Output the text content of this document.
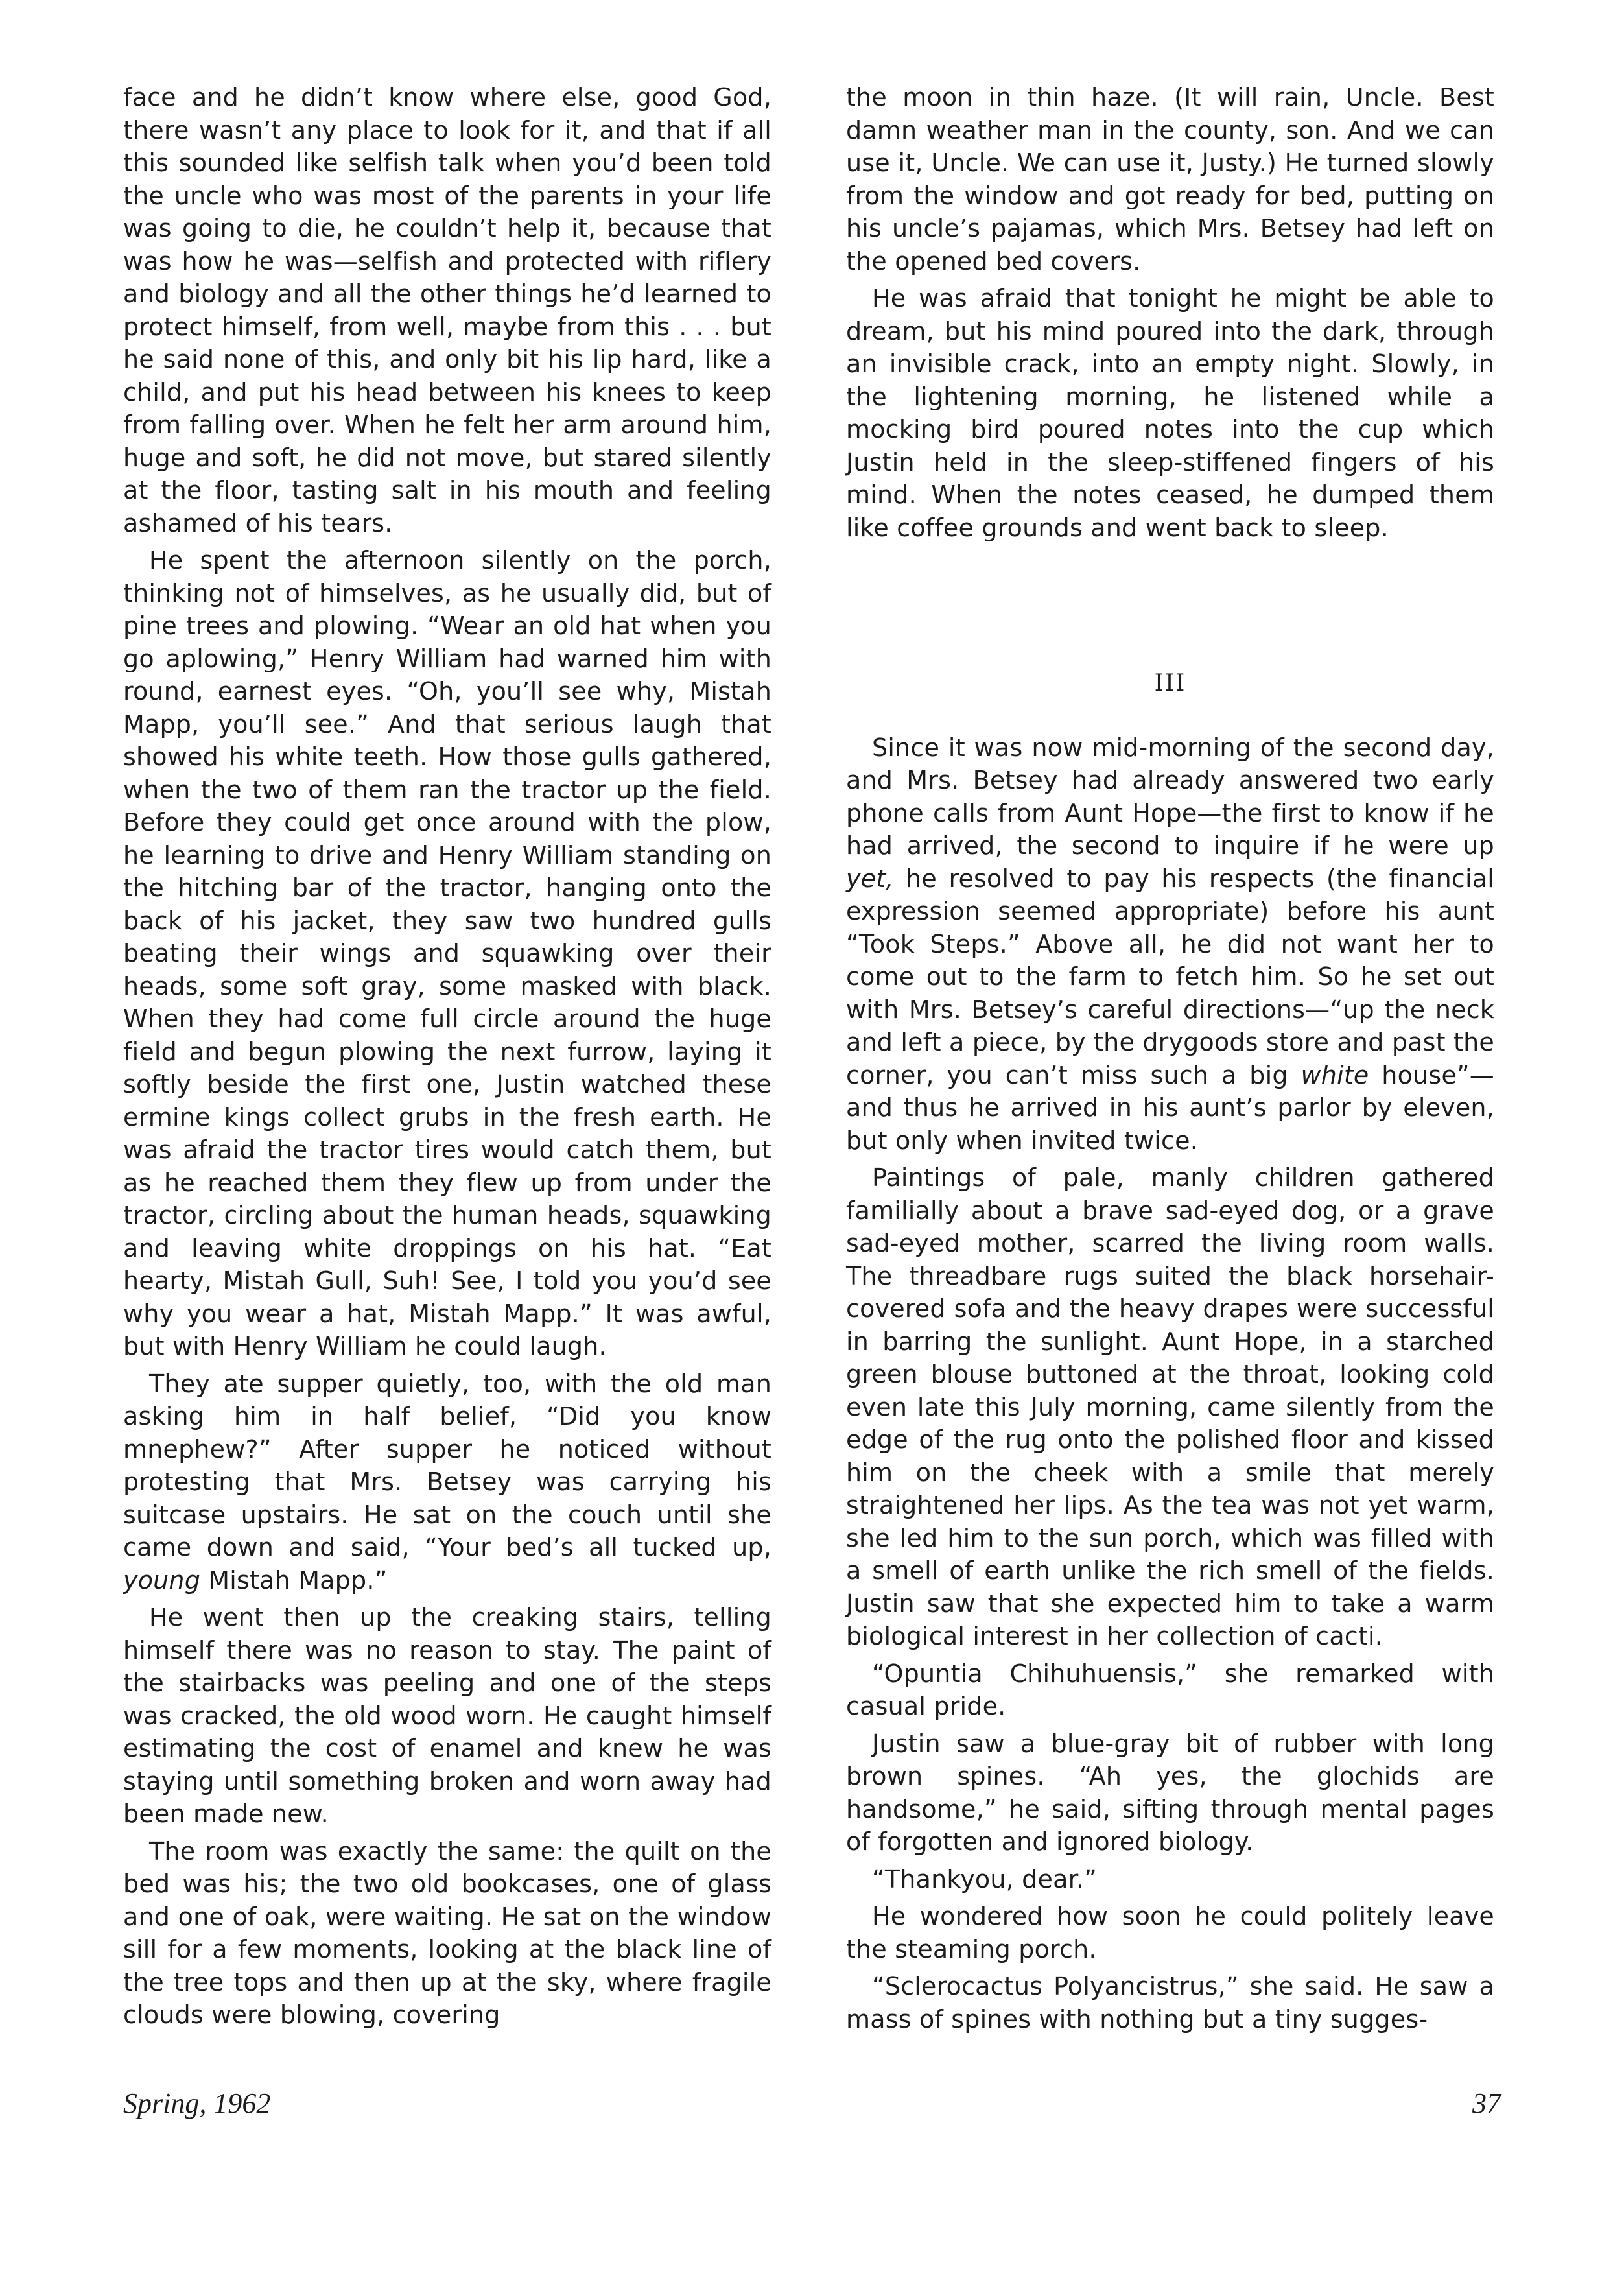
face and he didn’t know where else, good God, there wasn’t any place to look for it, and that if all this sounded like selfish talk when you’d been told the uncle who was most of the parents in your life was going to die, he couldn’t help it, because that was how he was—selfish and protected with riflery and biology and all the other things he’d learned to protect himself, from well, maybe from this . . . but he said none of this, and only bit his lip hard, like a child, and put his head between his knees to keep from falling over. When he felt her arm around him, huge and soft, he did not move, but stared silently at the floor, tasting salt in his mouth and feeling ashamed of his tears.

He spent the afternoon silently on the porch, thinking not of himselves, as he usually did, but of pine trees and plowing. “Wear an old hat when you go aplowing,” Henry William had warned him with round, earnest eyes. “Oh, you’ll see why, Mistah Mapp, you’ll see.” And that serious laugh that showed his white teeth. How those gulls gathered, when the two of them ran the tractor up the field. Before they could get once around with the plow, he learning to drive and Henry William standing on the hitching bar of the tractor, hanging onto the back of his jacket, they saw two hundred gulls beating their wings and squawking over their heads, some soft gray, some masked with black. When they had come full circle around the huge field and begun plowing the next furrow, laying it softly beside the first one, Justin watched these ermine kings collect grubs in the fresh earth. He was afraid the tractor tires would catch them, but as he reached them they flew up from under the tractor, circling about the human heads, squawking and leaving white droppings on his hat. “Eat hearty, Mistah Gull, Suh! See, I told you you’d see why you wear a hat, Mistah Mapp.” It was awful, but with Henry William he could laugh.

They ate supper quietly, too, with the old man asking him in half belief, “Did you know mnephew?” After supper he noticed without protesting that Mrs. Betsey was carrying his suitcase upstairs. He sat on the couch until she came down and said, “Your bed’s all tucked up, young Mistah Mapp.”

He went then up the creaking stairs, telling himself there was no reason to stay. The paint of the stairbacks was peeling and one of the steps was cracked, the old wood worn. He caught himself estimating the cost of enamel and knew he was staying until something broken and worn away had been made new.

The room was exactly the same: the quilt on the bed was his; the two old bookcases, one of glass and one of oak, were waiting. He sat on the window sill for a few moments, looking at the black line of the tree tops and then up at the sky, where fragile clouds were blowing, covering

the moon in thin haze. (It will rain, Uncle. Best damn weather man in the county, son. And we can use it, Uncle. We can use it, Justy.) He turned slowly from the window and got ready for bed, putting on his uncle’s pajamas, which Mrs. Betsey had left on the opened bed covers.

He was afraid that tonight he might be able to dream, but his mind poured into the dark, through an invisible crack, into an empty night. Slowly, in the lightening morning, he listened while a mocking bird poured notes into the cup which Justin held in the sleep-stiffened fingers of his mind. When the notes ceased, he dumped them like coffee grounds and went back to sleep.

III

Since it was now mid-morning of the second day, and Mrs. Betsey had already answered two early phone calls from Aunt Hope—the first to know if he had arrived, the second to inquire if he were up yet, he resolved to pay his respects (the financial expression seemed appropriate) before his aunt “Took Steps.” Above all, he did not want her to come out to the farm to fetch him. So he set out with Mrs. Betsey’s careful directions—“up the neck and left a piece, by the drygoods store and past the corner, you can’t miss such a big white house”—and thus he arrived in his aunt’s parlor by eleven, but only when invited twice.

Paintings of pale, manly children gathered familially about a brave sad-eyed dog, or a grave sad-eyed mother, scarred the living room walls. The threadbare rugs suited the black horsehair-covered sofa and the heavy drapes were successful in barring the sunlight. Aunt Hope, in a starched green blouse buttoned at the throat, looking cold even late this July morning, came silently from the edge of the rug onto the polished floor and kissed him on the cheek with a smile that merely straightened her lips. As the tea was not yet warm, she led him to the sun porch, which was filled with a smell of earth unlike the rich smell of the fields. Justin saw that she expected him to take a warm biological interest in her collection of cacti.

“Opuntia Chihuhuensis,” she remarked with casual pride.

Justin saw a blue-gray bit of rubber with long brown spines. “Ah yes, the glochids are handsome,” he said, sifting through mental pages of forgotten and ignored biology.

“Thankyou, dear.”

He wondered how soon he could politely leave the steaming porch.

“Sclerocactus Polyancistrus,” she said. He saw a mass of spines with nothing but a tiny sugges-

Spring, 1962	37
